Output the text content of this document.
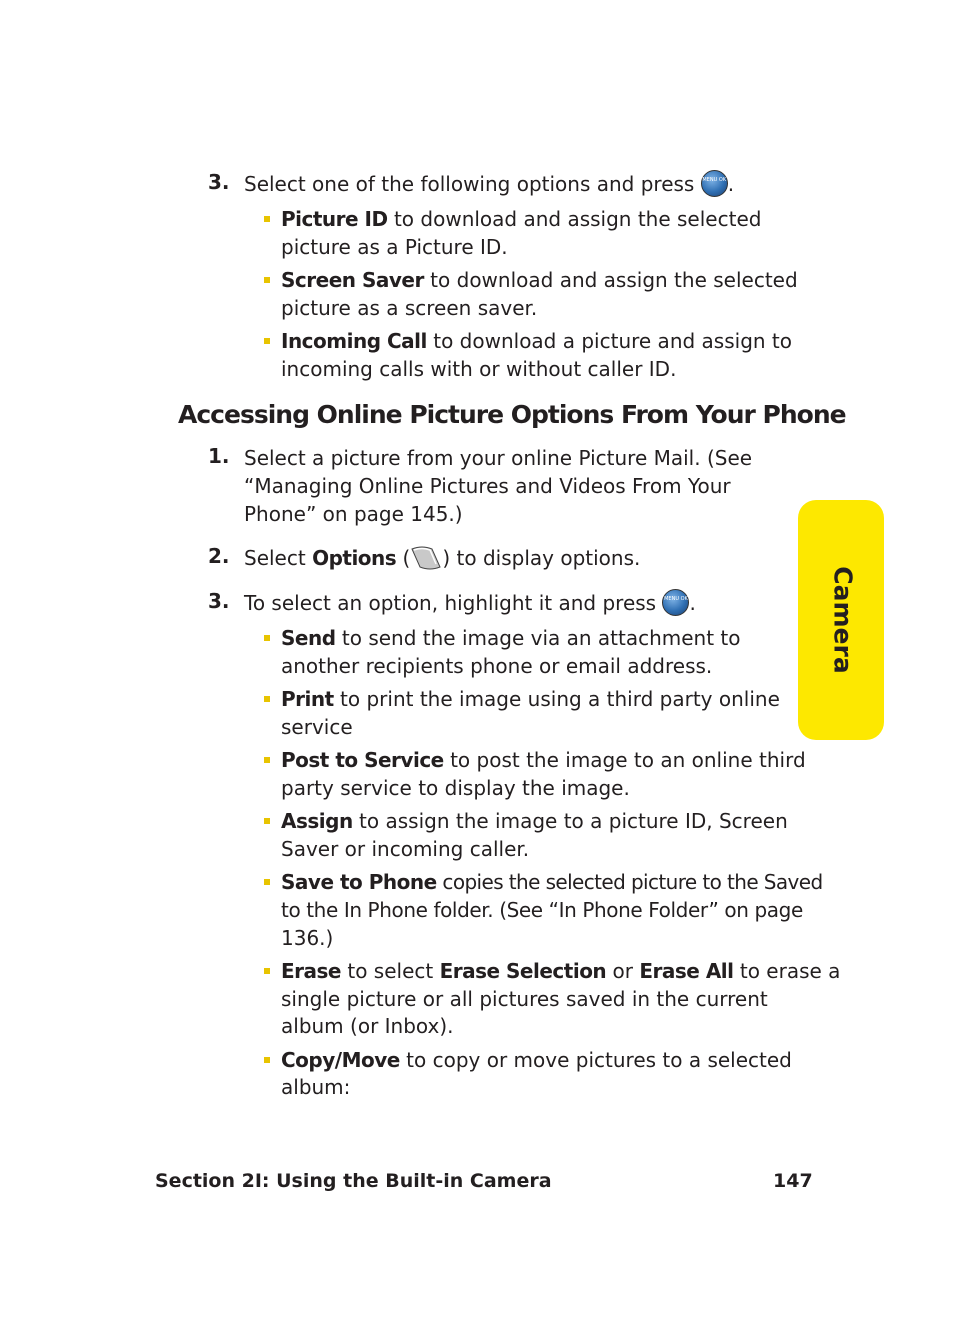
3. Select one of the following options and press MENU OK .
Picture ID to download and assign the selected
picture as a Picture ID.
Screen Saver to download and assign the selected
picture as a screen saver.
Incoming Call to download a picture and assign to
incoming calls with or without caller ID.
Accessing Online Picture Options From Your Phone
1. Select a picture from your online Picture Mail. (See
“Managing Online Pictures and Videos From Your
Phone” on page 145.)
2. Select Options ( ) to display options.
3. To select an option, highlight it and press MENU OK .
Send to send the image via an attachment to
another recipients phone or email address.
Print to print the image using a third party online
service
Post to Service to post the image to an online third
party service to display the image.
Assign to assign the image to a picture ID, Screen
Saver or incoming caller.
Save to Phone copies the selected picture to the Saved
to the In Phone folder. (See “In Phone Folder” on page
136.)
Erase to select Erase Selection or Erase All to erase a
single picture or all pictures saved in the current
album (or Inbox).
Copy/Move to copy or move pictures to a selected
album:
Camera
Section 2I: Using the Built-in Camera	147
